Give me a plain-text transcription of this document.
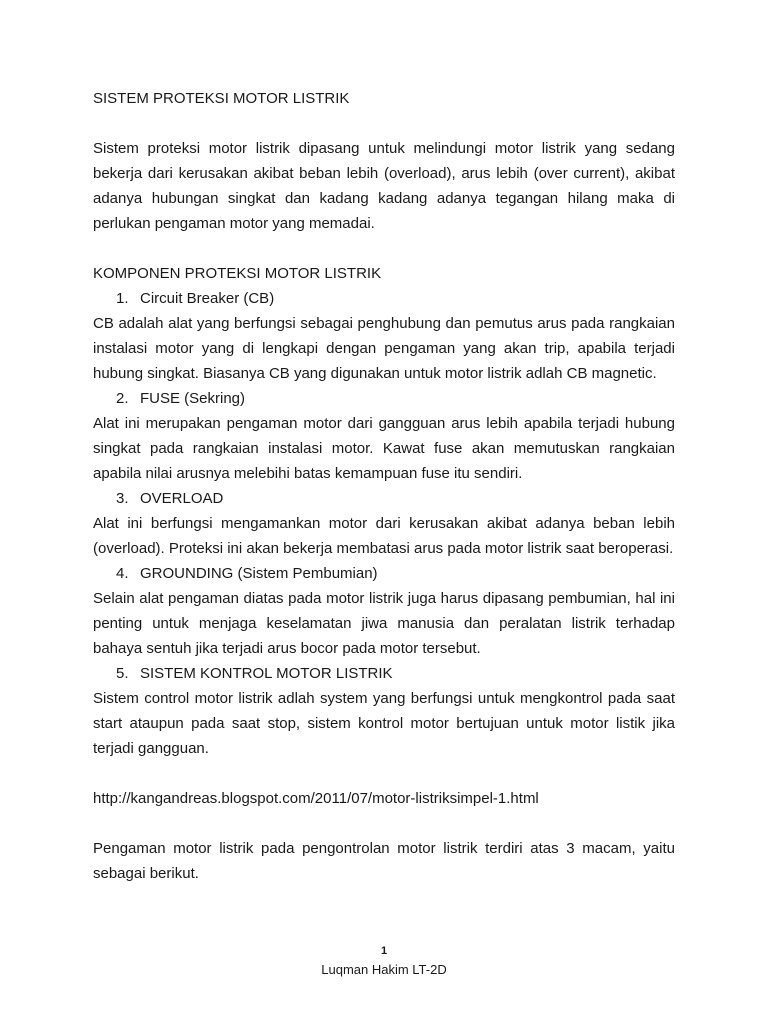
SISTEM PROTEKSI MOTOR LISTRIK

Sistem proteksi motor listrik dipasang untuk melindungi motor listrik yang sedang bekerja dari kerusakan akibat beban lebih (overload), arus lebih (over current), akibat adanya hubungan singkat dan kadang kadang adanya tegangan hilang maka di perlukan pengaman motor yang memadai.

KOMPONEN PROTEKSI MOTOR LISTRIK

1. Circuit Breaker (CB)

CB adalah alat yang berfungsi sebagai penghubung dan pemutus arus pada rangkaian instalasi motor yang di lengkapi dengan pengaman yang akan trip, apabila terjadi hubung singkat. Biasanya CB yang digunakan untuk motor listrik adlah CB magnetic.

2. FUSE (Sekring)

Alat ini merupakan pengaman motor dari gangguan arus lebih apabila terjadi hubung singkat pada rangkaian instalasi motor. Kawat fuse akan memutuskan rangkaian apabila nilai arusnya melebihi batas kemampuan fuse itu sendiri.

3. OVERLOAD

Alat ini berfungsi mengamankan motor dari kerusakan akibat adanya beban lebih (overload). Proteksi ini akan bekerja membatasi arus pada motor listrik saat beroperasi.

4. GROUNDING (Sistem Pembumian)

Selain alat pengaman diatas pada motor listrik juga harus dipasang pembumian, hal ini penting untuk menjaga keselamatan jiwa manusia dan peralatan listrik terhadap bahaya sentuh jika terjadi arus bocor pada motor tersebut.

5. SISTEM KONTROL MOTOR LISTRIK

Sistem control motor listrik adlah system yang berfungsi untuk mengkontrol pada saat start ataupun pada saat stop, sistem kontrol motor bertujuan untuk motor listik jika terjadi gangguan.

http://kangandreas.blogspot.com/2011/07/motor-listriksimpel-1.html

Pengaman motor listrik pada pengontrolan motor listrik terdiri atas 3 macam, yaitu sebagai berikut.

1
Luqman Hakim LT-2D
